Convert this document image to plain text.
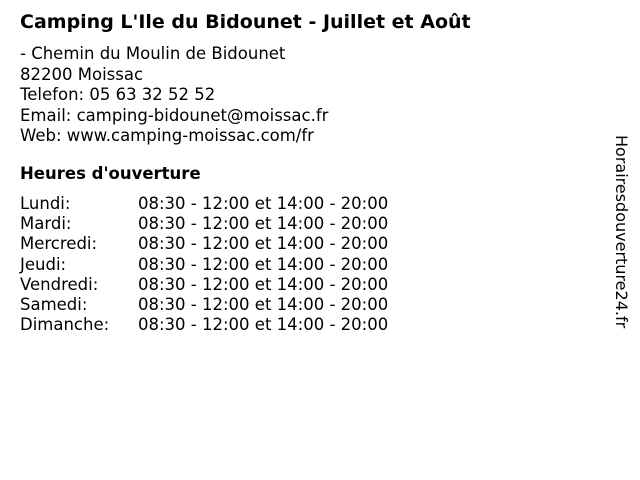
Camping L'Ile du Bidounet - Juillet et Août
- Chemin du Moulin de Bidounet
82200 Moissac
Telefon: 05 63 32 52 52
Email: camping-bidounet@moissac.fr
Web: www.camping-moissac.com/fr
Heures d'ouverture
Lundi:	08:30 - 12:00 et 14:00 - 20:00
Mardi:	08:30 - 12:00 et 14:00 - 20:00
Mercredi:	08:30 - 12:00 et 14:00 - 20:00
Jeudi:	08:30 - 12:00 et 14:00 - 20:00
Vendredi:	08:30 - 12:00 et 14:00 - 20:00
Samedi:	08:30 - 12:00 et 14:00 - 20:00
Dimanche:	08:30 - 12:00 et 14:00 - 20:00	Horairesdouverture24.fr
